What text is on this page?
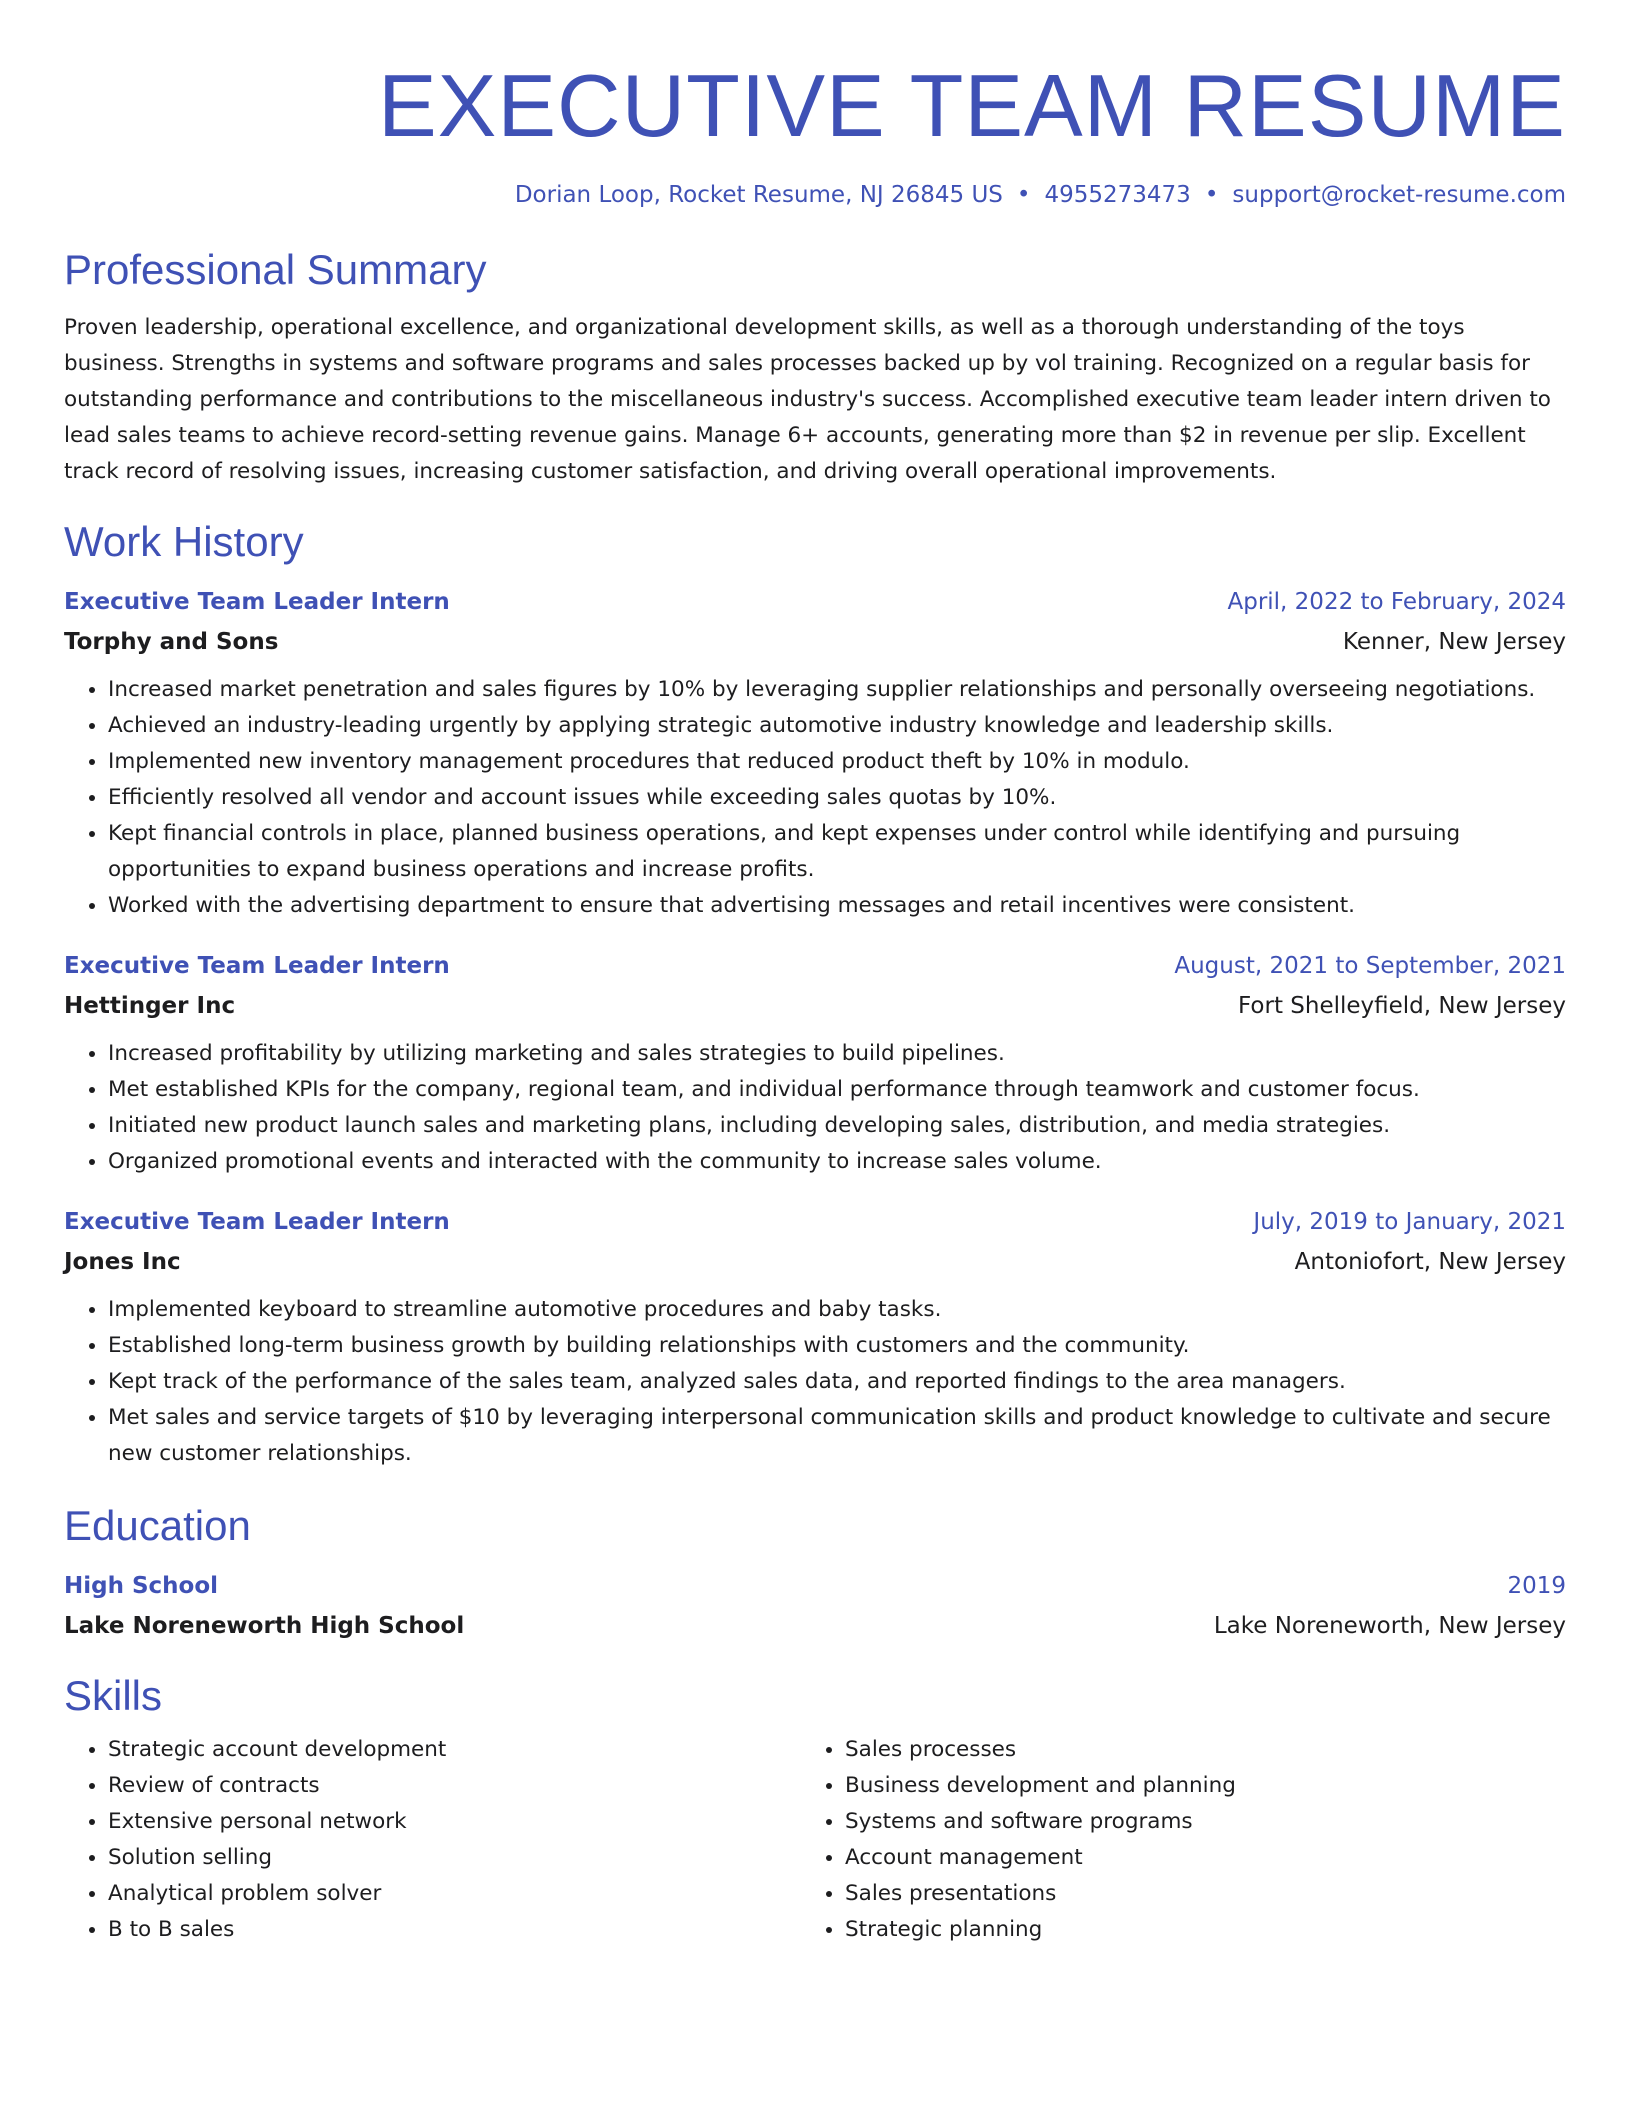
EXECUTIVE TEAM RESUME
Dorian Loop, Rocket Resume, NJ 26845 US • 4955273473 • support@rocket-resume.com
Professional Summary
Proven leadership, operational excellence, and organizational development skills, as well as a thorough understanding of the toys business. Strengths in systems and software programs and sales processes backed up by vol training. Recognized on a regular basis for outstanding performance and contributions to the miscellaneous industry's success. Accomplished executive team leader intern driven to lead sales teams to achieve record-setting revenue gains. Manage 6+ accounts, generating more than $2 in revenue per slip. Excellent track record of resolving issues, increasing customer satisfaction, and driving overall operational improvements.
Work History
Executive Team Leader Intern	April, 2022 to February, 2024
Torphy and Sons	Kenner, New Jersey
• Increased market penetration and sales figures by 10% by leveraging supplier relationships and personally overseeing negotiations.
• Achieved an industry-leading urgently by applying strategic automotive industry knowledge and leadership skills.
• Implemented new inventory management procedures that reduced product theft by 10% in modulo.
• Efficiently resolved all vendor and account issues while exceeding sales quotas by 10%.
• Kept financial controls in place, planned business operations, and kept expenses under control while identifying and pursuing opportunities to expand business operations and increase profits.
• Worked with the advertising department to ensure that advertising messages and retail incentives were consistent.
Executive Team Leader Intern	August, 2021 to September, 2021
Hettinger Inc	Fort Shelleyfield, New Jersey
• Increased profitability by utilizing marketing and sales strategies to build pipelines.
• Met established KPIs for the company, regional team, and individual performance through teamwork and customer focus.
• Initiated new product launch sales and marketing plans, including developing sales, distribution, and media strategies.
• Organized promotional events and interacted with the community to increase sales volume.
Executive Team Leader Intern	July, 2019 to January, 2021
Jones Inc	Antoniofort, New Jersey
• Implemented keyboard to streamline automotive procedures and baby tasks.
• Established long-term business growth by building relationships with customers and the community.
• Kept track of the performance of the sales team, analyzed sales data, and reported findings to the area managers.
• Met sales and service targets of $10 by leveraging interpersonal communication skills and product knowledge to cultivate and secure new customer relationships.
Education
High School	2019
Lake Noreneworth High School	Lake Noreneworth, New Jersey
Skills
• Strategic account development
• Review of contracts
• Extensive personal network
• Solution selling
• Analytical problem solver
• B to B sales
• Sales processes
• Business development and planning
• Systems and software programs
• Account management
• Sales presentations
• Strategic planning
